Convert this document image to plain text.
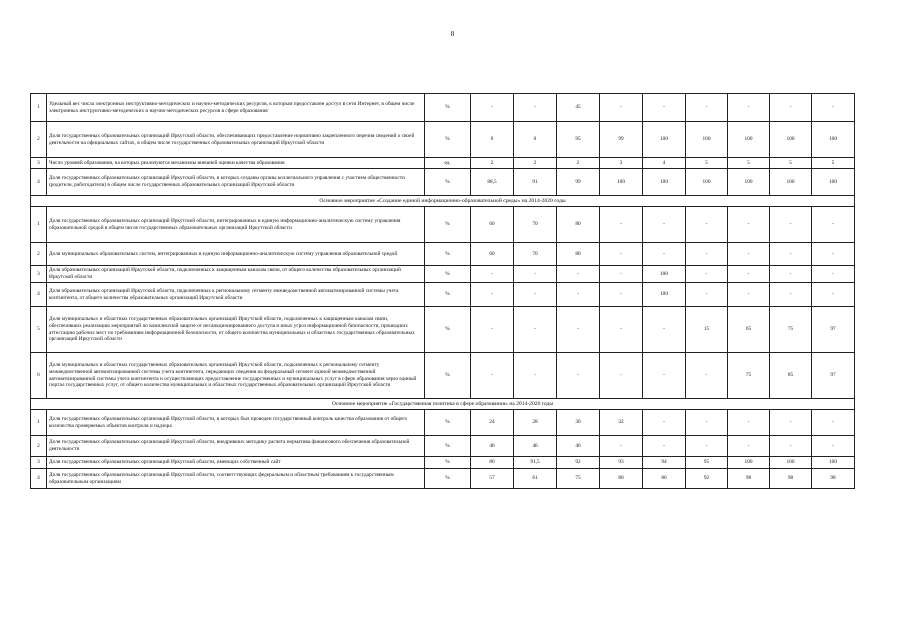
8
1	Удельный вес числа электронных инструктивно-методических и научно-методических ресурсов, к которым предоставлен доступ в сети Интернет, в общем числе электронных инструктивно-методических и научно-методических ресурсов в сфере образования	%	-	-	45	-	-	-	-	-	-
2	Доля государственных образовательных организаций Иркутской области, обеспечивающих предоставление нормативно закрепленного перечня сведений о своей деятельности на официальных сайтах, в общем числе государственных образовательных организаций Иркутской области	%	0	0	95	99	100	100	100	100	100
3	Число уровней образования, на которых реализуются механизмы внешней оценки качества образования	ед.	2	2	2	3	4	5	5	5	5
4	Доля государственных образовательных организаций Иркутской области, в которых созданы органы коллегиального управления с участием общественности (родители, работодатели) в общем числе государственных образовательных организаций Иркутской области	%	88,5	91	99	100	100	100	100	100	100
Основное мероприятие «Создание единой информационно-образовательной среды» на 2014-2020 годы											
1	Доля государственных образовательных организаций Иркутской области, интегрированных в единую информационно-аналитическую систему управления образовательной средой в общем числе государственных образовательных организаций Иркутской области	%	60	70	80	-	-	-	-	-	-
2	Доля муниципальных образовательных систем, интегрированных в единую информационно-аналитическую систему управления образовательной средой	%	60	70	80	-	-	-	-	-	-
3	Доля образовательных организаций Иркутской области, подключенных к защищенным каналам связи, от общего количества образовательных организаций Иркутской области	%	-	-	-	-	100	-	-	-	-
4	Доля образовательных организаций Иркутской области, подключенных к региональному сегменту межведомственной автоматизированной системы учета контингента, от общего количества образовательных организаций Иркутской области	%	-	-	-	-	100	-	-	-	-
5	Доля муниципальных и областных государственных образовательных организаций Иркутской области, подключенных к защищенным каналам связи, обеспечивших реализацию мероприятий по комплексной защите от несанкционированного доступа и иных угроз информационной безопасности, прошедших аттестацию рабочих мест по требованиям информационной безопасности, от общего количества муниципальных и областных государственных образовательных организаций Иркутской области	%	-	-	-	-	-	15	65	75	97
6	Доля муниципальных и областных государственных образовательных организаций Иркутской области, подключенных к региональному сегменту межведомственной автоматизированной системы учета контингента, передающих сведения на федеральный сегмент единой межведомственной автоматизированной системы учета контингента и осуществляющих предоставление государственных и муниципальных услуг в сфере образования через единый портал государственных услуг, от общего количества муниципальных и областных государственных образовательных организаций Иркутской области	%	-	-	-	-	-	-	75	85	97
Основное мероприятие «Государственная политика в сфере образования» на 2014-2020 годы											
1	Доля государственных образовательных организаций Иркутской области, в которых был проведен государственный контроль качества образования от общего количества проверяемых объектов контроля и надзора	%	24	28	30	32	-	-	-	-	-
2	Доля государственных образовательных организаций Иркутской области, внедривших методику расчета норматива финансового обеспечения образовательной деятельности	%	46	46	46	-	-	-	-	-	-
3	Доля государственных образовательных организаций Иркутской области, имеющих собственный сайт	%	80	91,5	92	93	94	95	100	100	100
4	Доля государственных образовательных организаций Иркутской области, соответствующих федеральным и областным требованиям к государственным образовательным организациям	%	57	61	75	80	86	92	98	98	98
